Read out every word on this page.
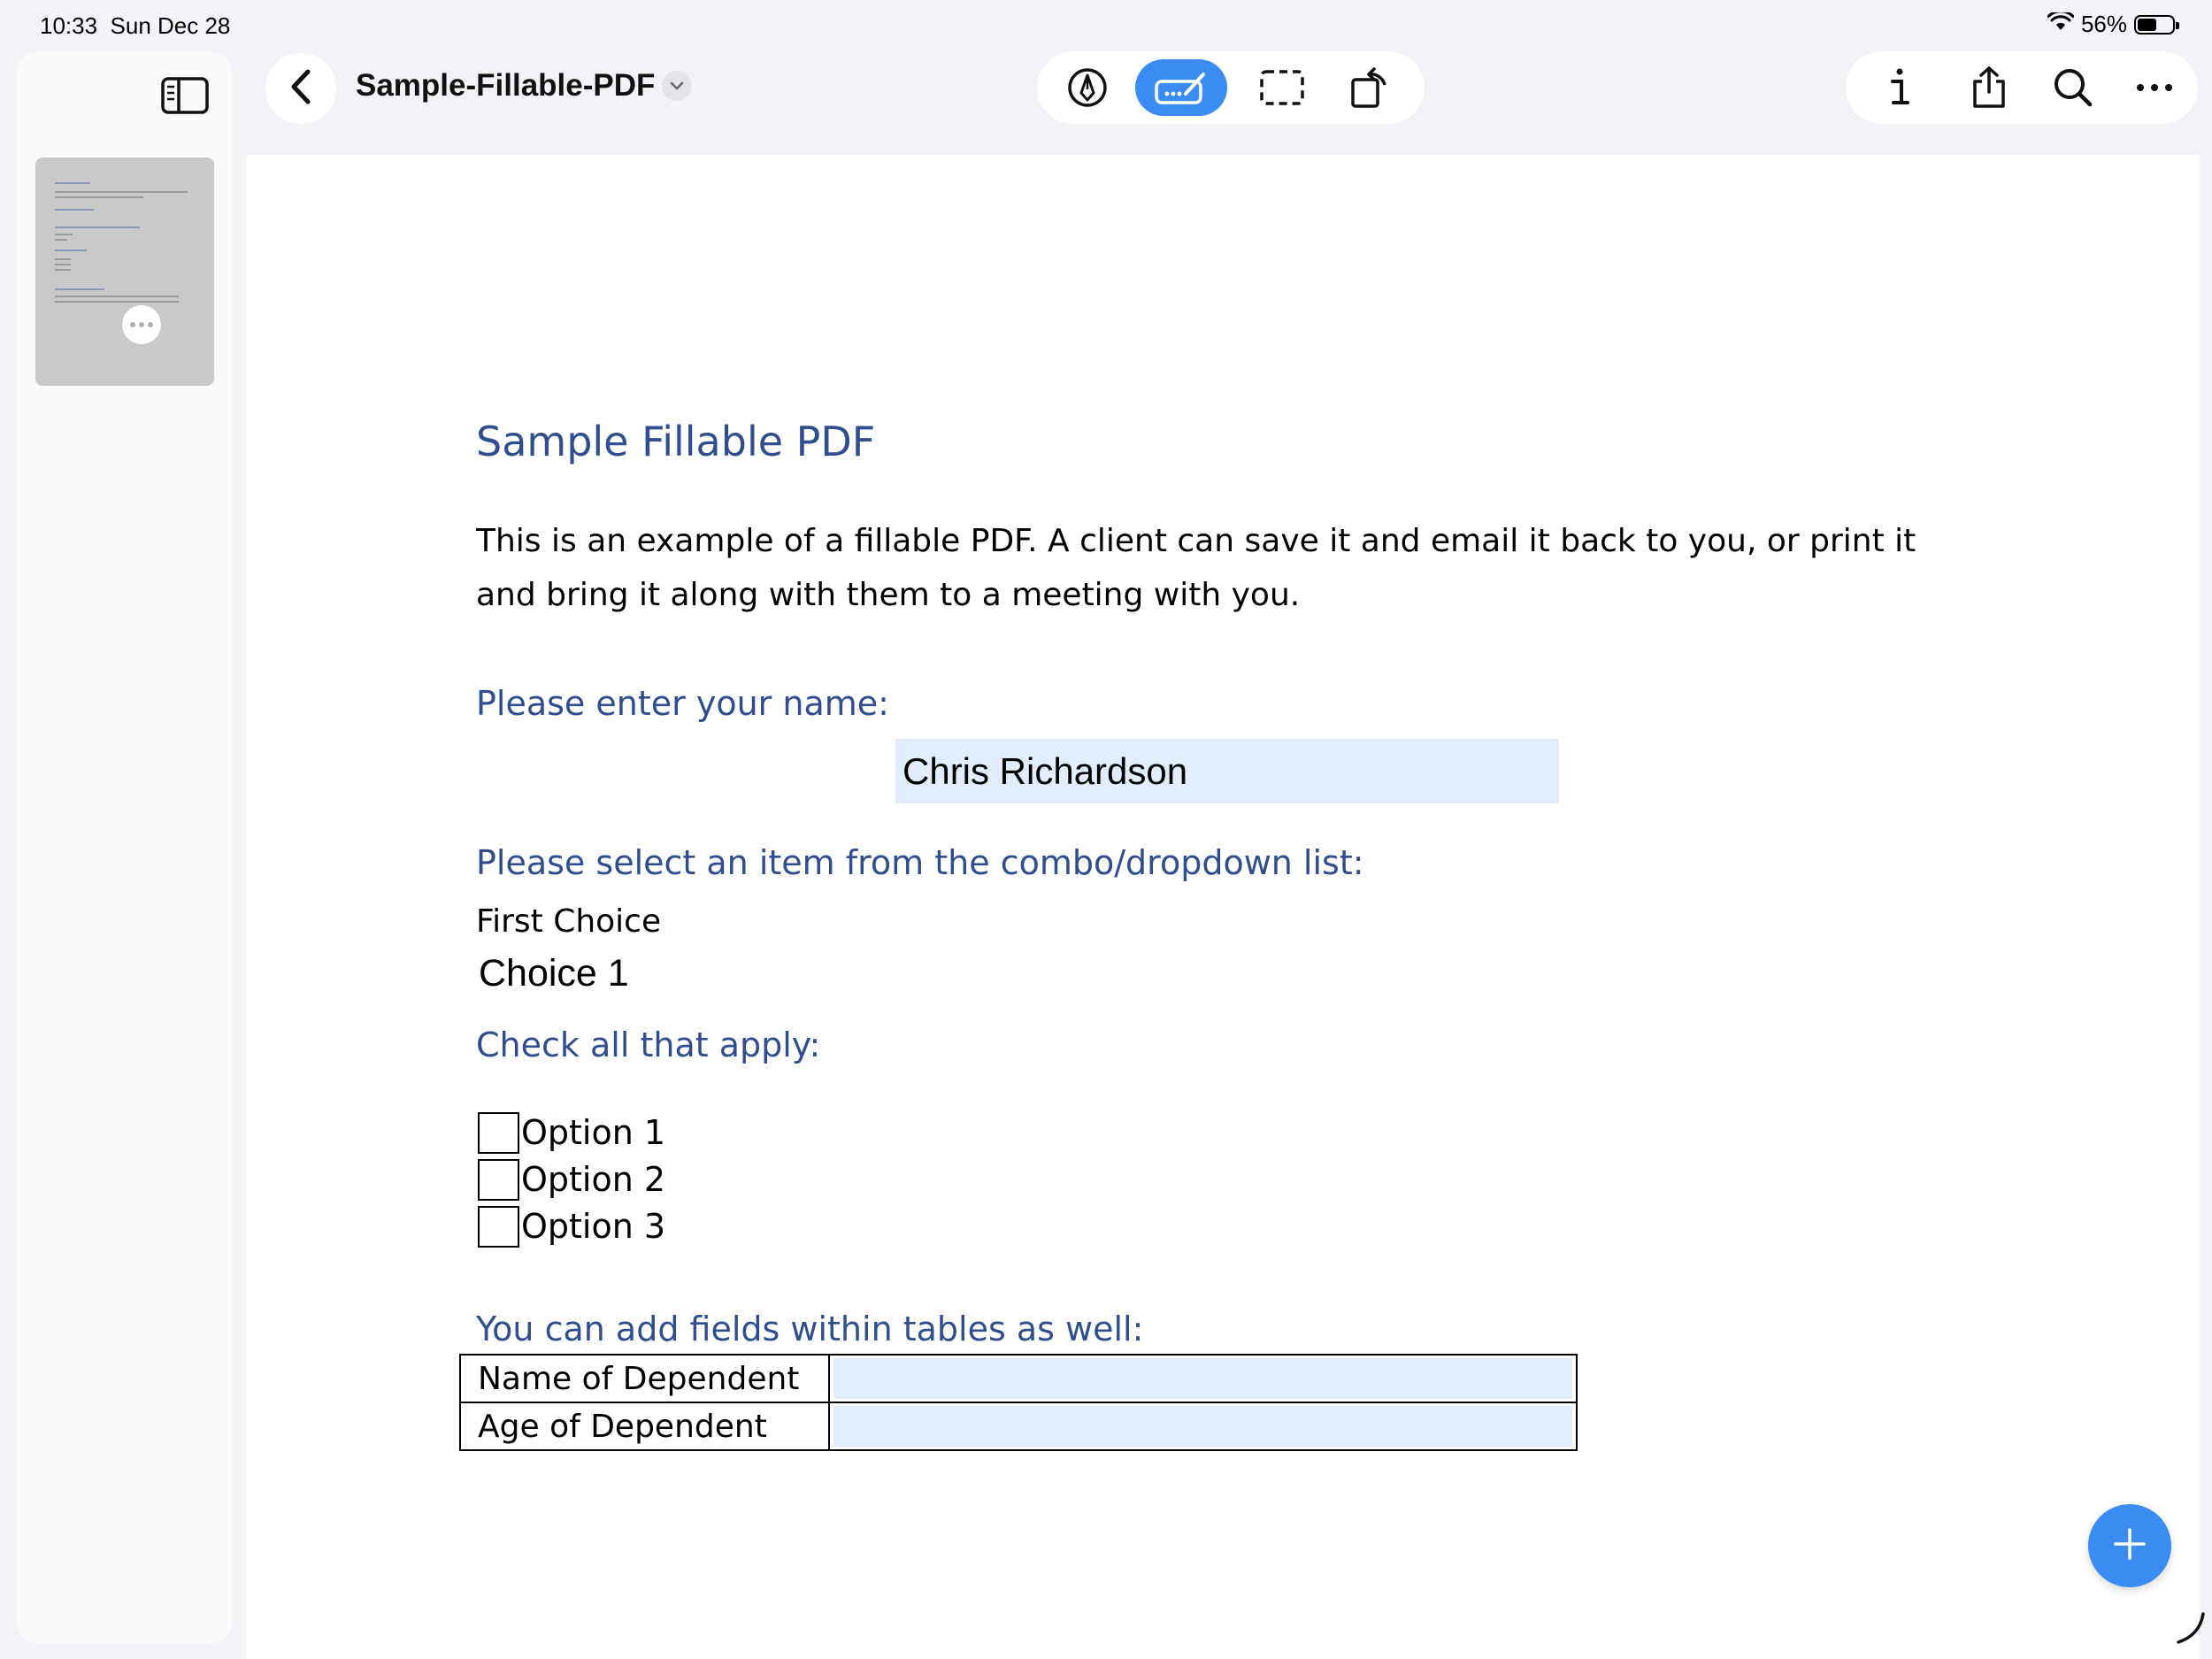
10:33 Sun Dec 28	56%
Sample-Fillable-PDF
Sample Fillable PDF
This is an example of a fillable PDF. A client can save it and email it back to you, or print it and bring it along with them to a meeting with you.
Please enter your name:
Chris Richardson
Please select an item from the combo/dropdown list:
First Choice
Choice 1
Check all that apply:
Option 1
Option 2
Option 3
You can add fields within tables as well:
Name of Dependent	

Age of Dependent	
